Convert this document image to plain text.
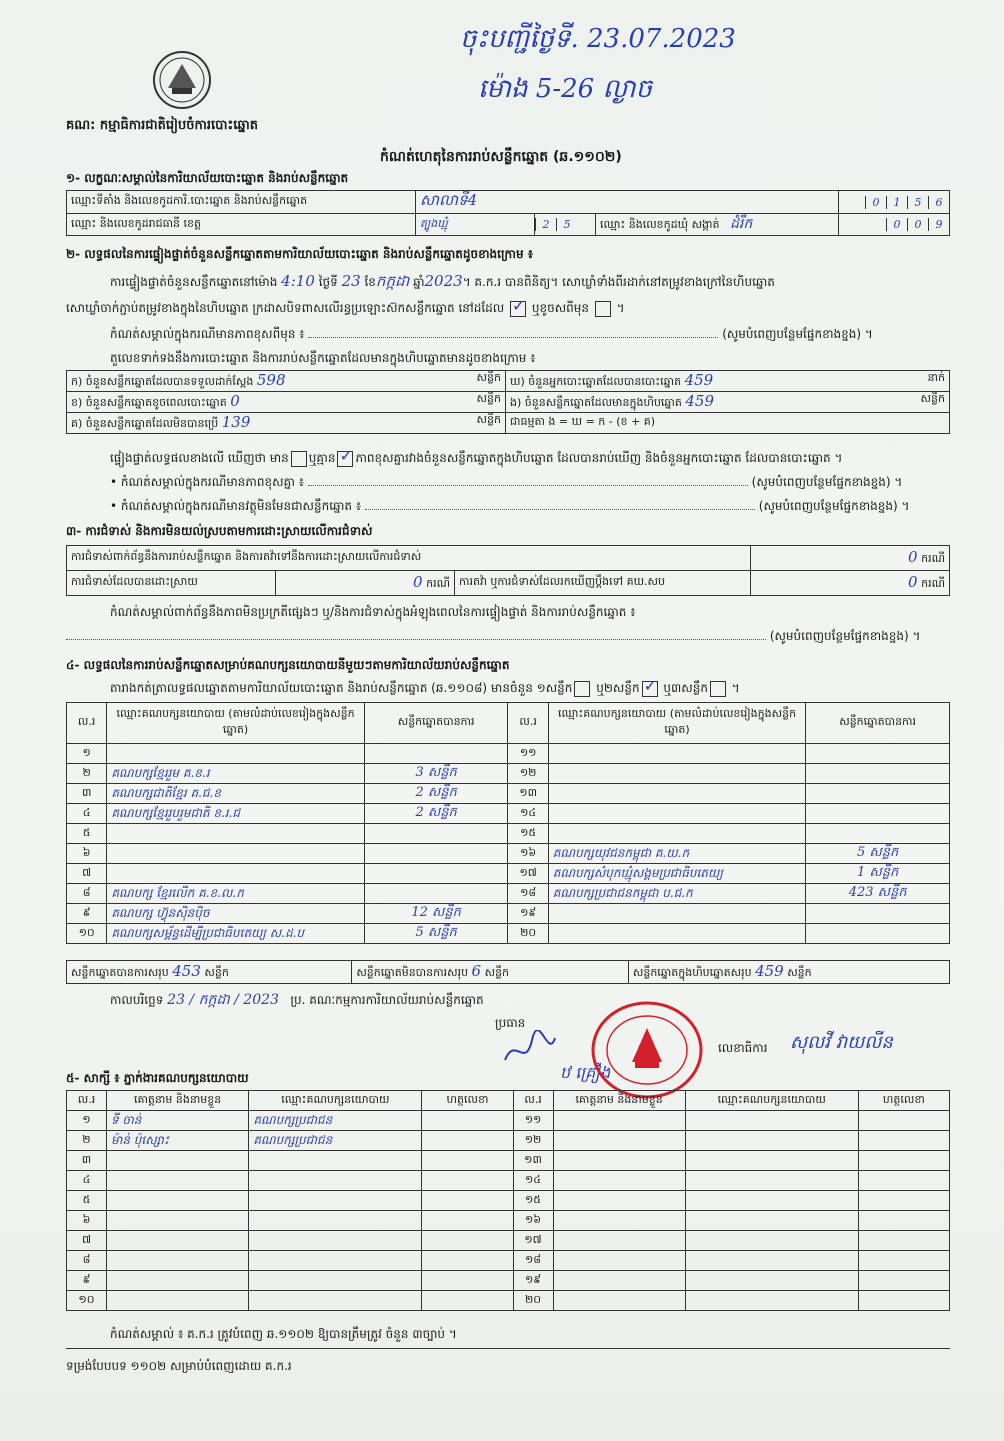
ចុះបញ្ជីថ្ងៃទី. 23.07.2023
ម៉ោង 5-26 ល្ងាច
គណ: កម្មាធិការជាតិរៀបចំការបោះឆ្នោត
កំណត់ហេតុនៃការរាប់សន្លឹកឆ្នោត (ឆ.១១០២)
១- លក្ខណៈសម្គាល់នៃការិយាល័យបោះឆ្នោត និងរាប់សន្លឹកឆ្នោត
ឈ្មោះទីតាំង និងលេខកូដការិ.បោះឆ្នោត និងរាប់សន្លឹកឆ្នោត	សាលាទី4			0 1 5 6
ឈ្មោះ និងលេខកូដរាជធានី ខេត្ត	ត្បូងឃ្មុំ	2 5	ឈ្មោះ និងលេខកូដឃុំ សង្កាត់ ដំរឹក	0 0 9
២- លទ្ធផលនៃការផ្ទៀងផ្ទាត់ចំនួនសន្លឹកឆ្នោតតាមការិយាល័យបោះឆ្នោត និងរាប់សន្លឹកឆ្នោតដូចខាងក្រោម ៖
ការផ្ទៀងផ្ទាត់ចំនួនសន្លឹកឆ្នោតនៅម៉ោង 4:10 ថ្ងៃទី 23 ខែកក្កដា ឆ្នាំ2023។ គ.ក.រ បានពិនិត្យ។ សោឃ្លាំទាំងពីរដាក់នៅតម្រូវខាងក្រៅនៃហិបឆ្នោត
សោឃ្លាំចាក់ភ្ជាប់តម្រូវខាងក្នុងនៃហិបឆ្នោត ក្រដាសបិទពាសលើរន្ធប្រឡោះស៊កសន្លឹកឆ្នោត នៅដដែល ✓ ឬខូចសពីមុន  ។
កំណត់សម្គាល់ក្នុងករណីមានភាពខុសពីមុន ៖	(សូមបំពេញបន្ថែមផ្នែកខាងខ្នង) ។
តួលេខទាក់ទងនឹងការបោះឆ្នោត និងការរាប់សន្លឹកឆ្នោតដែលមានក្នុងហិបឆ្នោតមានដូចខាងក្រោម ៖
ក) ចំនួនសន្លឹកឆ្នោតដែលបានទទួលដាក់ស្តែង 598 សន្លឹក	ឃ) ចំនួនអ្នកបោះឆ្នោតដែលបានបោះឆ្នោត 459 នាក់

ខ) ចំនួនសន្លឹកឆ្នោតខូចពេលបោះឆ្នោត 0 សន្លឹក	ង) ចំនួនសន្លឹកឆ្នោតដែលមានក្នុងហិបឆ្នោត 459 សន្លឹក

គ) ចំនួនសន្លឹកឆ្នោតដែលមិនបានប្រើ 139 សន្លឹក	ជាធម្មតា ង = ឃ = ក - (ខ + គ)
ផ្ទៀងផ្ទាត់លទ្ធផលខាងលើ ឃើញថា មាន ឬគ្មាន ✓ ភាពខុសគ្នារវាងចំនួនសន្លឹកឆ្នោតក្នុងហិបឆ្នោត ដែលបានរាប់ឃើញ និងចំនួនអ្នកបោះឆ្នោត ដែលបានបោះឆ្នោត ។
• កំណត់សម្គាល់ក្នុងករណីមានភាពខុសគ្នា ៖	(សូមបំពេញបន្ថែមផ្នែកខាងខ្នង) ។
• កំណត់សម្គាល់ក្នុងករណីមានវត្ថុមិនមែនជាសន្លឹកឆ្នោត ៖	(សូមបំពេញបន្ថែមផ្នែកខាងខ្នង) ។
៣- ការជំទាស់ និងការមិនយល់ស្របតាមការដោះស្រាយលើការជំទាស់
ការជំទាស់ពាក់ព័ន្ធនឹងការរាប់សន្លឹកឆ្នោត និងការតវ៉ាទៅនឹងការដោះស្រាយលើការជំទាស់			0 ករណី
ការជំទាស់ដែលបានដោះស្រាយ	0 ករណី	ការតវ៉ា ឬការជំទាស់ដែលរកឃើញប្តឹងទៅ គឃ.សប	0 ករណី
កំណត់សម្គាល់ពាក់ព័ន្ធនឹងភាពមិនប្រក្រតីផ្សេងៗ ឬ/និងការជំទាស់ក្នុងអំឡុងពេលនៃការផ្ទៀងផ្ទាត់ និងការរាប់សន្លឹកឆ្នោត ៖
(សូមបំពេញបន្ថែមផ្នែកខាងខ្នង) ។
៤- លទ្ធផលនៃការរាប់សន្លឹកឆ្នោតសម្រាប់គណបក្សនយោបាយនីមួយៗតាមការិយាល័យរាប់សន្លឹកឆ្នោត
តារាងកត់ត្រាលទ្ធផលឆ្នោតតាមការិយាល័យបោះឆ្នោត និងរាប់សន្លឹកឆ្នោត (ឆ.១១០៨) មានចំនួន ១សន្លឹក ឬ២សន្លឹក ✓ ឬ៣សន្លឹក ។
ល.រ	ឈ្មោះគណបក្សនយោបាយ (តាមលំដាប់លេខរៀងក្នុងសន្លឹកឆ្នោត)	សន្លឹកឆ្នោតបានការ	ល.រ	ឈ្មោះគណបក្សនយោបាយ (តាមលំដាប់លេខរៀងក្នុងសន្លឹកឆ្នោត)	សន្លឹកឆ្នោតបានការ
១			១១		
២	គណបក្សខ្មែររួម គ.ខ.រ	3 សន្លឹក	១២		
៣	គណបក្សជាតិខ្មែរ គ.ជ.ខ	2 សន្លឹក	១៣		
៤	គណបក្សខ្មែររួបរួមជាតិ ខ.រ.ជ	2 សន្លឹក	១៤		
៥			១៥		
៦			១៦	គណបក្សយុវជនកម្ពុជា គ.យ.ក	5 សន្លឹក
៧			១៧	គណបក្សសំបុកឃ្មុំសង្គមប្រជាធិបតេយ្យ	1 សន្លឹក
៨	គណបក្ស ខ្មែរលើក គ.ខ.ល.ក		១៨	គណបក្សប្រជាជនកម្ពុជា ប.ជ.ក	423 សន្លឹក
៩	គណបក្ស ហ៊្វុនស៊ិនប៉ិច	12 សន្លឹក	១៩		
១០	គណបក្សសម្ព័ន្ធដើម្បីប្រជាធិបតេយ្យ ស.ដ.ប	5 សន្លឹក	២០		
សន្លឹកឆ្នោតបានការសរុប 453 សន្លឹក	សន្លឹកឆ្នោតមិនបានការសរុប 6 សន្លឹក	សន្លឹកឆ្នោតក្នុងហិបឆ្នោតសរុប 459 សន្លឹក
កាលបរិច្ឆេទ 23 / កក្កដា / 2023 ប្រ. គណៈកម្មការការិយាល័យរាប់សន្លឹកឆ្នោត
ប្រធាន
ឋ គ្រឿង
លេខាធិការ សុលវី វាយលីន
៥- សាក្សី ៖ ភ្នាក់ងារគណបក្សនយោបាយ
ល.រ	គោត្តនាម និងនាមខ្លួន	ឈ្មោះគណបក្សនយោបាយ	ហត្ថលេខា	ល.រ	គោត្តនាម និងនាមខ្លួន	ឈ្មោះគណបក្សនយោបាយ	ហត្ថលេខា
១	ទី ចាន់	គណបក្សប្រជាជន		១១			
២	ម៉ាន់ ប៉ុស្សោះ	គណបក្សប្រជាជន		១២			
៣				១៣			
៤				១៤			
៥				១៥			
៦				១៦			
៧				១៧			
៨				១៨			
៩				១៩			
១០				២០			
កំណត់សម្គាល់ ៖ គ.ក.រ ត្រូវបំពេញ ឆ.១១០២ ឱ្យបានត្រឹមត្រូវ ចំនួន ៣ច្បាប់ ។
ទម្រង់បែបបទ ១១០២ សម្រាប់បំពេញដោយ គ.ក.រ
